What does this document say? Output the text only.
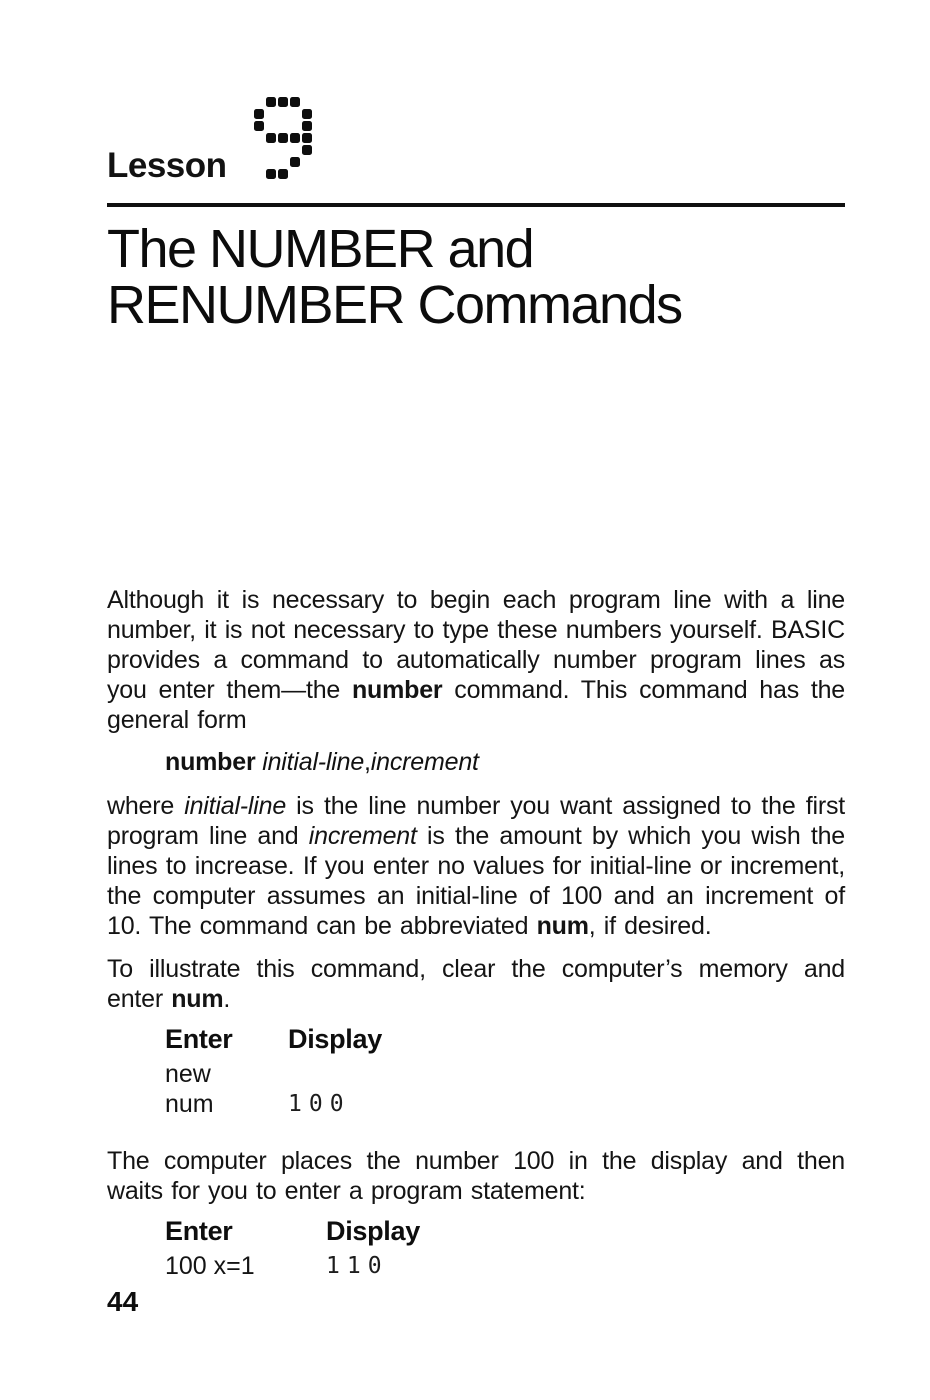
Lesson
The NUMBER and
RENUMBER Commands

Although it is necessary to begin each program line with a line number, it is not necessary to type these numbers yourself. BASIC provides a command to automatically number program lines as you enter them—the number command. This command has the general form

number initial-line,increment

where initial-line is the line number you want assigned to the first program line and increment is the amount by which you wish the lines to increase. If you enter no values for initial-line or increment, the computer assumes an initial-line of 100 and an increment of 10. The command can be abbreviated num, if desired.

To illustrate this command, clear the computer’s memory and enter num.

Enter	Display
new
num	100

The computer places the number 100 in the display and then waits for you to enter a program statement:

Enter	Display
100 x=1	110
44
